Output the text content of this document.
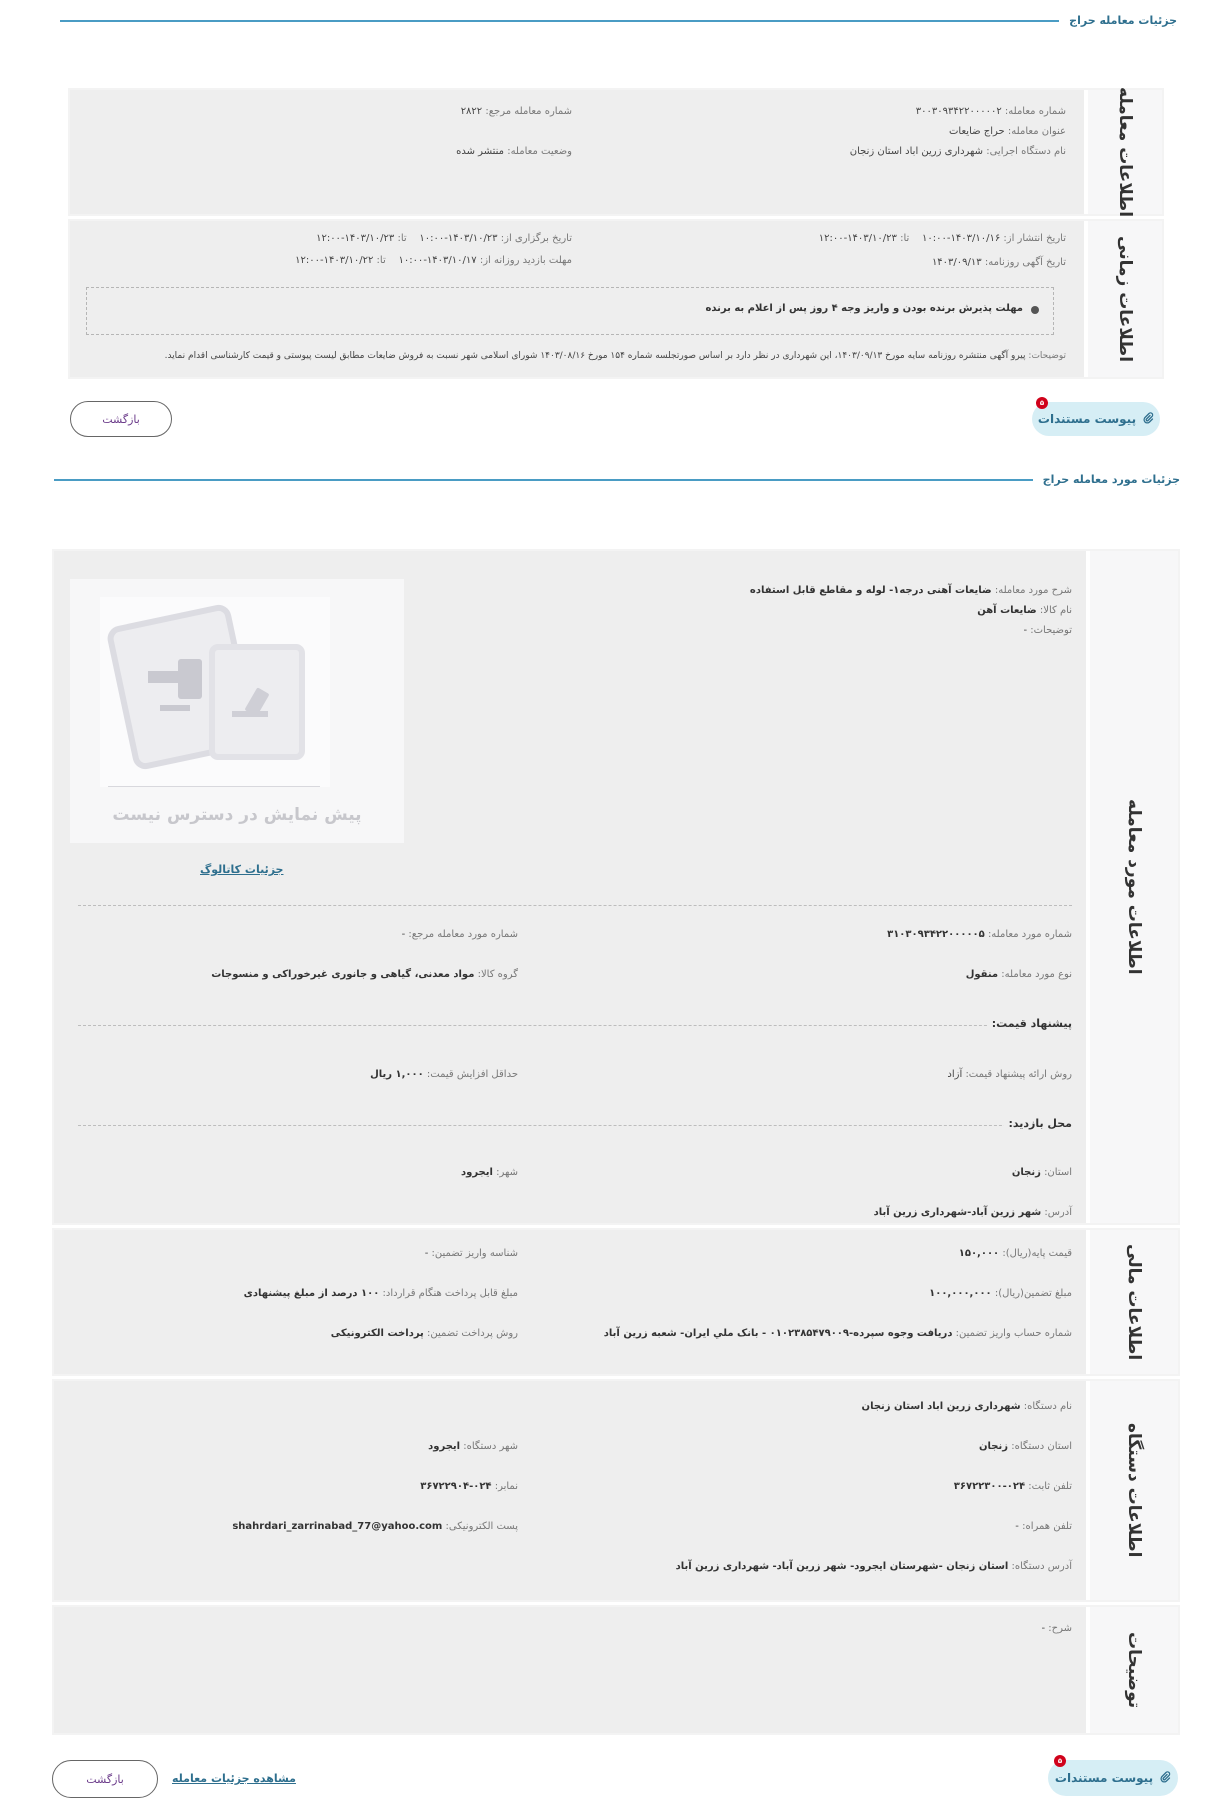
جزئیات معامله حراج
اطلاعات معامله
شماره معامله: ۳۰۰۳۰۹۳۴۲۲۰۰۰۰۰۲
عنوان معامله: حراج ضایعات
نام دستگاه اجرایی: شهرداری زرین اباد استان زنجان
شماره معامله مرجع: ۲۸۲۲
وضعیت معامله: منتشر شده
اطلاعات زمانی
تاریخ انتشار از: ۱۴۰۳/۱۰/۱۶-۱۰:۰۰    تا: ۱۴۰۳/۱۰/۲۳-۱۲:۰۰
تاریخ آگهی روزنامه: ۱۴۰۳/۰۹/۱۳
تاریخ برگزاری از: ۱۴۰۳/۱۰/۲۳-۱۰:۰۰    تا: ۱۴۰۳/۱۰/۲۳-۱۲:۰۰
مهلت بازدید روزانه از: ۱۴۰۳/۱۰/۱۷-۱۰:۰۰    تا: ۱۴۰۳/۱۰/۲۲-۱۲:۰۰
مهلت پذیرش برنده بودن و واریز وجه ۴ روز پس از اعلام به برنده
توضیحات: پیرو آگهی منتشره روزنامه سایه مورخ ۱۴۰۳/۰۹/۱۳، این شهرداری در نظر دارد بر اساس صورتجلسه شماره ۱۵۴ مورخ ۱۴۰۳/۰۸/۱۶ شورای اسلامی شهر نسبت به فروش ضایعات مطابق لیست پیوستی و قیمت کارشناسی اقدام نماید.
پیوست مستندات
۵
بازگشت
جزئیات مورد معامله حراج
اطلاعات مورد معامله
شرح مورد معامله: ضایعات آهنی درجه۱- لوله و مقاطع قابل استفاده
نام کالا: ضایعات آهن
توضیحات: -
پیش نمایش در دسترس نیست
جزئیات کاتالوگ
شماره مورد معامله: ۳۱۰۳۰۹۳۴۲۲۰۰۰۰۰۵
شماره مورد معامله مرجع: -
نوع مورد معامله: منقول
گروه کالا: مواد معدنی، گیاهی و جانوری غیرخوراکی و منسوجات
پیشنهاد قیمت:
روش ارائه پیشنهاد قیمت: آزاد
حداقل افزایش قیمت: ۱,۰۰۰ ریال
محل بازدید:
استان: زنجان
شهر: ایجرود
آدرس: شهر زرین آباد-شهرداری زرین آباد
اطلاعات مالی
قیمت پایه(ریال): ۱۵۰,۰۰۰
شناسه واریز تضمین: -
مبلغ تضمین(ریال): ۱۰۰,۰۰۰,۰۰۰
مبلغ قابل پرداخت هنگام قرارداد: ۱۰۰ درصد از مبلغ پیشنهادی
شماره حساب واریز تضمین: دریافت وجوه سپرده-۰۱۰۲۳۸۵۴۷۹۰۰۹ - بانک ملي ایران- شعبه زرین آباد
روش پرداخت تضمین: پرداخت الکترونیکی
اطلاعات دستگاه
نام دستگاه: شهرداری زرین اباد استان زنجان
استان دستگاه: زنجان
شهر دستگاه: ایجرود
تلفن ثابت: ۰۲۴-۳۶۷۲۲۳۰۰
نمابر: ۰۲۴-۳۶۷۲۲۹۰۴
تلفن همراه: -
پست الکترونیکی: shahrdari_zarrinabad_77@yahoo.com
آدرس دستگاه: استان زنجان -شهرستان ایجرود- شهر زرین آباد- شهرداری زرین آباد
توضیحات
شرح: -
پیوست مستندات
۵
مشاهده جزئیات معامله
بازگشت
